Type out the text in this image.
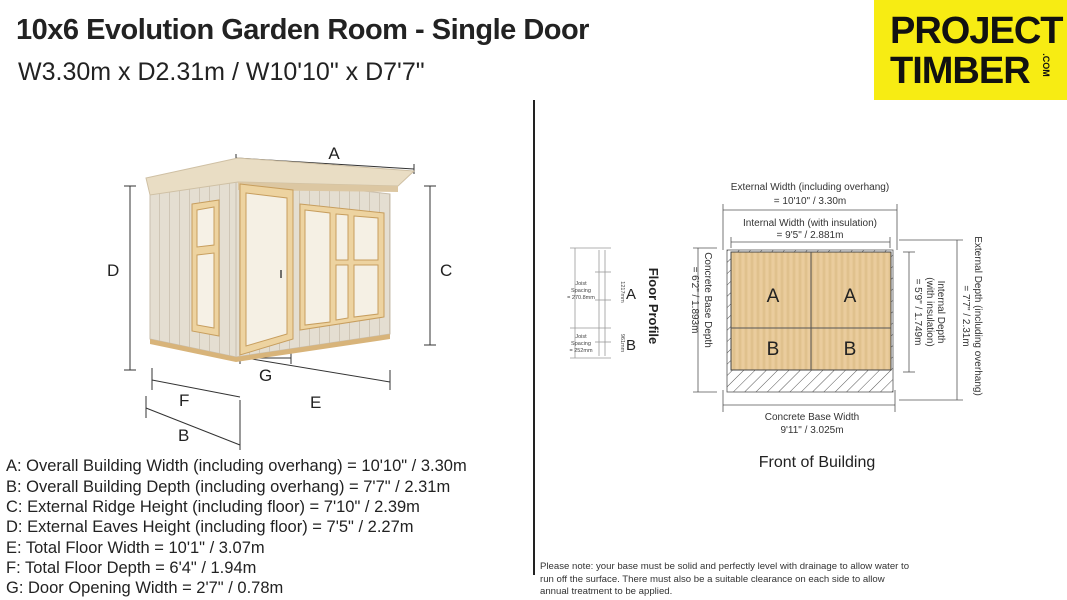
10x6 Evolution Garden Room - Single Door
W3.30m x D2.31m / W10'10" x D7'7"
PROJECT
TIMBER .COM
A
C
D
G
F	E
B
A: Overall Building Width (including overhang) = 10'10" / 3.30m
B: Overall Building Depth (including overhang) = 7'7" / 2.31m
C: External Ridge Height (including floor) = 7'10" / 2.39m
D: External Eaves Height (including floor) = 7'5" / 2.27m
E: Total Floor Width = 10'1" / 3.07m
F: Total Floor Depth = 6'4" / 1.94m
G: Door Opening Width = 2'7" / 0.78m
Joist Spacing = 270.8mm
Joist Spacing = 252mm
1217mm
961mm
A
B
Floor Profile	A	A
B	B
External Width (including overhang)
= 10'10" / 3.30m
Internal Width (with insulation)
= 9'5" / 2.881m
Concrete Base Depth
= 6'2" / 1.893m	Internal Depth
(with insulation)
= 5'9" / 1.749m	External Depth (including overhang)
= 7'7" / 2.31m
Concrete Base Width
9'11" / 3.025m
Front of Building
Please note: your base must be solid and perfectly level with drainage to allow water to run off the surface. There must also be a suitable clearance on each side to allow annual treatment to be applied.
